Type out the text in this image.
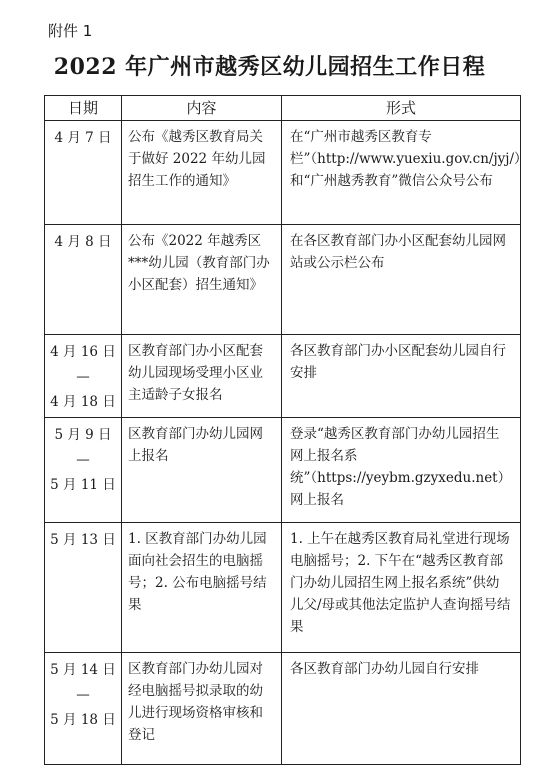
附件 1
2022 年广州市越秀区幼儿园招生工作日程
日期	内容	形式

4 月 7 日	公布《越秀区教育局关于做好 2022 年幼儿园招生工作的通知》	在“广州市越秀区教育专栏”（http://www.yuexiu.gov.cn/jyj/）和“广州越秀教育”微信公众号公布

4 月 8 日	公布《2022 年越秀区***幼儿园（教育部门办小区配套）招生通知》	在各区教育部门办小区配套幼儿园网站或公示栏公布

4 月 16 日
—
4 月 18 日	区教育部门办小区配套幼儿园现场受理小区业主适龄子女报名	各区教育部门办小区配套幼儿园自行安排

5 月 9 日
—
5 月 11 日	区教育部门办幼儿园网上报名	登录“越秀区教育部门办幼儿园招生网上报名系统”（https://yeybm.gzyxedu.net）网上报名

5 月 13 日	1. 区教育部门办幼儿园面向社会招生的电脑摇号；2. 公布电脑摇号结果	1. 上午在越秀区教育局礼堂进行现场电脑摇号；2. 下午在“越秀区教育部门办幼儿园招生网上报名系统”供幼儿父/母或其他法定监护人查询摇号结果

5 月 14 日
—
5 月 18 日	区教育部门办幼儿园对经电脑摇号拟录取的幼儿进行现场资格审核和登记	各区教育部门办幼儿园自行安排
